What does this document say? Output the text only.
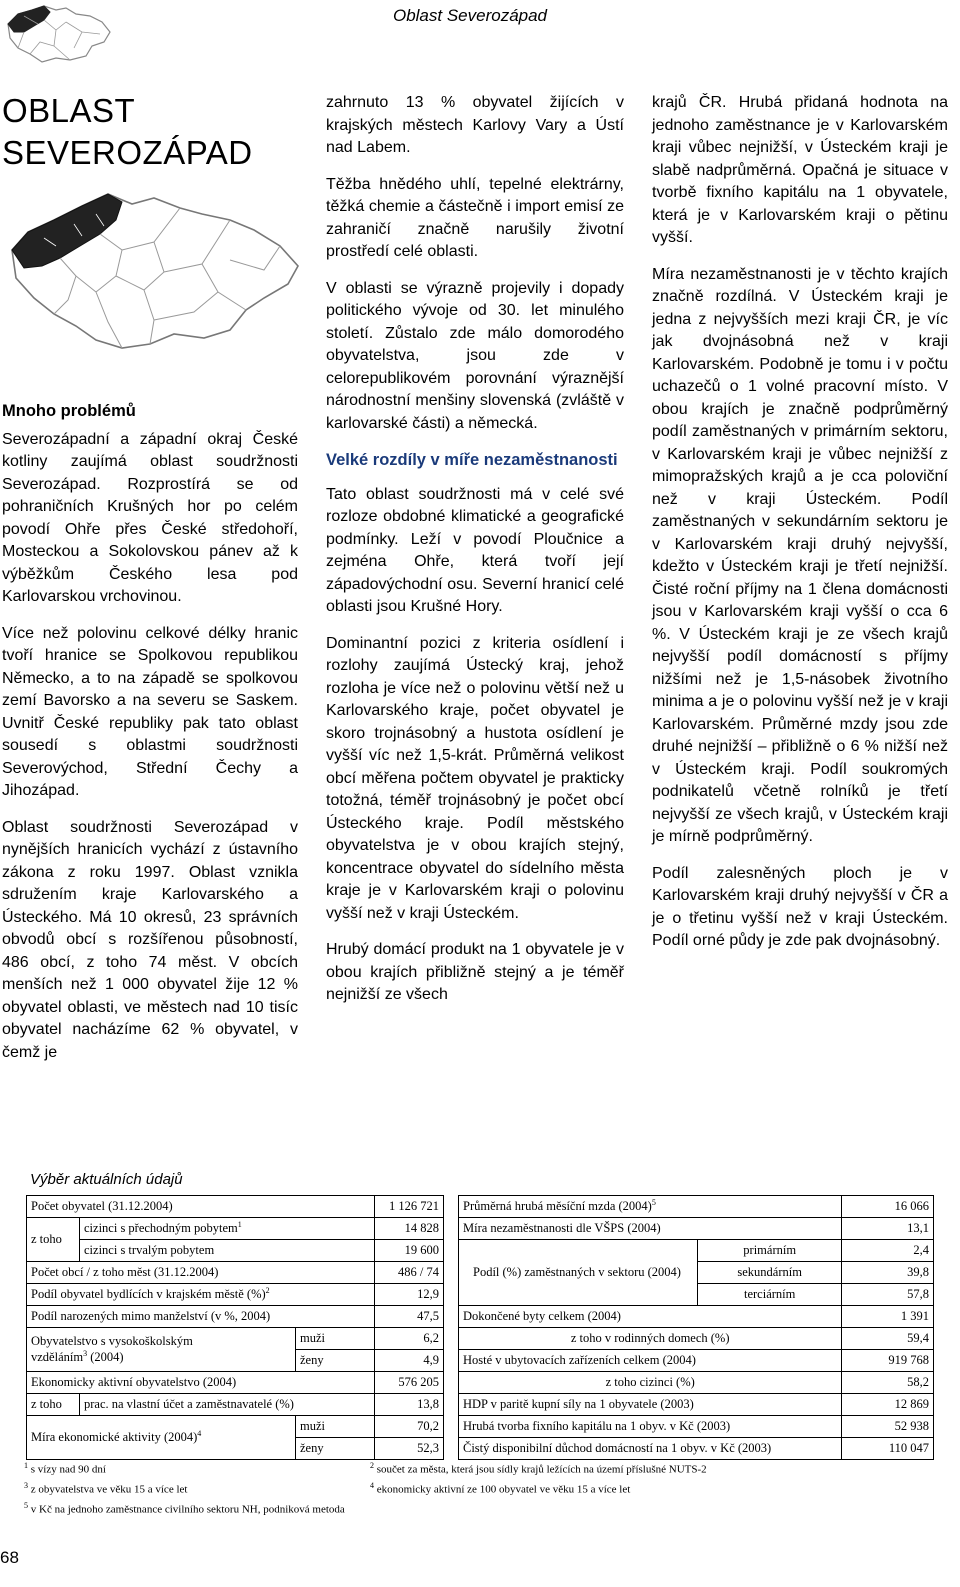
Oblast Severozápad
OBLAST SEVEROZÁPAD
Mnoho problémů

Severozápadní a západní okraj České kotliny zaujímá oblast soudržnosti Severozápad. Rozprostírá se od pohraničních Krušných hor po celém povodí Ohře přes České středohoří, Mosteckou a Sokolovskou pánev až k výběžkům Českého lesa pod Karlovarskou vrchovinou.

Více než polovinu celkové délky hranic tvoří hranice se Spolkovou republikou Německo, a to na západě se spolkovou zemí Bavorsko a na severu se Saskem. Uvnitř České republiky pak tato oblast sousedí s oblastmi soudržnosti Severovýchod, Střední Čechy a Jihozápad.

Oblast soudržnosti Severozápad v nynějších hranicích vychází z ústavního zákona z roku 1997. Oblast vznikla sdružením kraje Karlovarského a Ústeckého. Má 10 okresů, 23 správních obvodů obcí s rozšířenou působností, 486 obcí, z toho 74 měst. V obcích menších než 1 000 obyvatel žije 12 % obyvatel oblasti, ve městech nad 10 tisíc obyvatel nacházíme 62 % obyvatel, v čemž je

zahrnuto 13 % obyvatel žijících v krajských městech Karlovy Vary a Ústí nad Labem.

Těžba hnědého uhlí, tepelné elektrárny, těžká chemie a částečně i import emisí ze zahraničí značně narušily životní prostředí celé oblasti.

V oblasti se výrazně projevily i dopady politického vývoje od 30. let minulého století. Zůstalo zde málo domorodého obyvatelstva, jsou zde v celorepublikovém porovnání výraznější národnostní menšiny slovenská (zvláště v karlovarské části) a německá.

Velké rozdíly v míře nezaměstnanosti

Tato oblast soudržnosti má v celé své rozloze obdobné klimatické a geografické podmínky. Leží v povodí Ploučnice a zejména Ohře, která tvoří její západovýchodní osu. Severní hranicí celé oblasti jsou Krušné Hory.

Dominantní pozici z kriteria osídlení i rozlohy zaujímá Ústecký kraj, jehož rozloha je více než o polovinu větší než u Karlovarského kraje, počet obyvatel je skoro trojnásobný a hustota osídlení je vyšší víc než 1,5-krát. Průměrná velikost obcí měřena počtem obyvatel je prakticky totožná, téměř trojnásobný je počet obcí Ústeckého kraje. Podíl městského obyvatelstva je v obou krajích stejný, koncentrace obyvatel do sídelního města kraje je v Karlovarském kraji o polovinu vyšší než v kraji Ústeckém.

Hrubý domácí produkt na 1 obyvatele je v obou krajích přibližně stejný a je téměř nejnižší ze všech

krajů ČR. Hrubá přidaná hodnota na jednoho zaměstnance je v Karlovarském kraji vůbec nejnižší, v Ústeckém kraji je slabě nadprůměrná. Opačná je situace v tvorbě fixního kapitálu na 1 obyvatele, která je v Karlovarském kraji o pětinu vyšší.

Míra nezaměstnanosti je v těchto krajích značně rozdílná. V Ústeckém kraji je jedna z nejvyšších mezi kraji ČR, je víc jak dvojnásobná než v kraji Karlovarském. Podobně je tomu i v počtu uchazečů o 1 volné pracovní místo. V obou krajích je značně podprůměrný podíl zaměstnaných v primárním sektoru, v Karlovarském kraji je vůbec nejnižší z mimopražských krajů a je cca poloviční než v kraji Ústeckém. Podíl zaměstnaných v sekundárním sektoru je v Karlovarském kraji druhý nejvyšší, kdežto v Ústeckém kraji je třetí nejnižší. Čisté roční příjmy na 1 člena domácnosti jsou v Karlovarském kraji vyšší o cca 6 %. V Ústeckém kraji je ze všech krajů nejvyšší podíl domácností s příjmy nižšími než je 1,5-násobek životního minima a je o polovinu vyšší než je v kraji Karlovarském. Průměrné mzdy jsou zde druhé nejnižší – přibližně o 6 % nižší než v Ústeckém kraji. Podíl soukromých podnikatelů včetně rolníků je třetí nejvyšší ze všech krajů, v Ústeckém kraji je mírně podprůměrný.

Podíl zalesněných ploch je v Karlovarském kraji druhý nejvyšší v ČR a je o třetinu vyšší než v kraji Ústeckém. Podíl orné půdy je zde pak dvojnásobný.

Výběr aktuálních údajů
Počet obyvatel (31.12.2004)			1 126 721
z toho	cizinci s přechodným pobytem$^1$		14 828
	cizinci s trvalým pobytem		19 600
Počet obcí / z toho měst (31.12.2004)			486 / 74
Podíl obyvatel bydlících v krajském městě (%)$^2$			12,9
Podíl narozených mimo manželství (v %, 2004)			47,5
Obyvatelstvo s vysokoškolským
vzděláním$^3$ (2004)		muži	6,2
		ženy	4,9
Ekonomicky aktivní obyvatelstvo (2004)			576 205
z toho	prac. na vlastní účet a zaměstnavatelé (%)		13,8
Míra ekonomické aktivity $(2004)^4$		muži	70,2
		ženy	52,3
Průměrná hrubá měsíční mzda $(2004)^5$		16 066
Míra nezaměstnanosti dle VŠPS (2004)		13,1
Podíl (%) zaměstnaných v sektoru (2004)	primárním	2,4
	sekundárním	39,8
	terciárním	57,8
Dokončené byty celkem (2004)		1 391
z toho v rodinných domech (%)		59,4
Hosté v ubytovacích zařízeních celkem (2004)		919 768
z toho cizinci (%)		58,2
HDP v paritě kupní síly na 1 obyvatele (2003)		12 869
Hrubá tvorba fixního kapitálu na 1 obyv. v Kč (2003)		52 938
Čistý disponibilní důchod domácností na 1 obyv. v Kč (2003)		110 047
$^1$ s vízy nad 90 dní	$^2$ součet za města, která jsou sídly krajů ležících na území příslušné NUTS-2
$^3$ z obyvatelstva ve věku 15 a více let	$^4$ ekonomicky aktivní ze 100 obyvatel ve věku 15 a více let
$^5$ v Kč na jednoho zaměstnance civilního sektoru NH, podniková metoda
68
